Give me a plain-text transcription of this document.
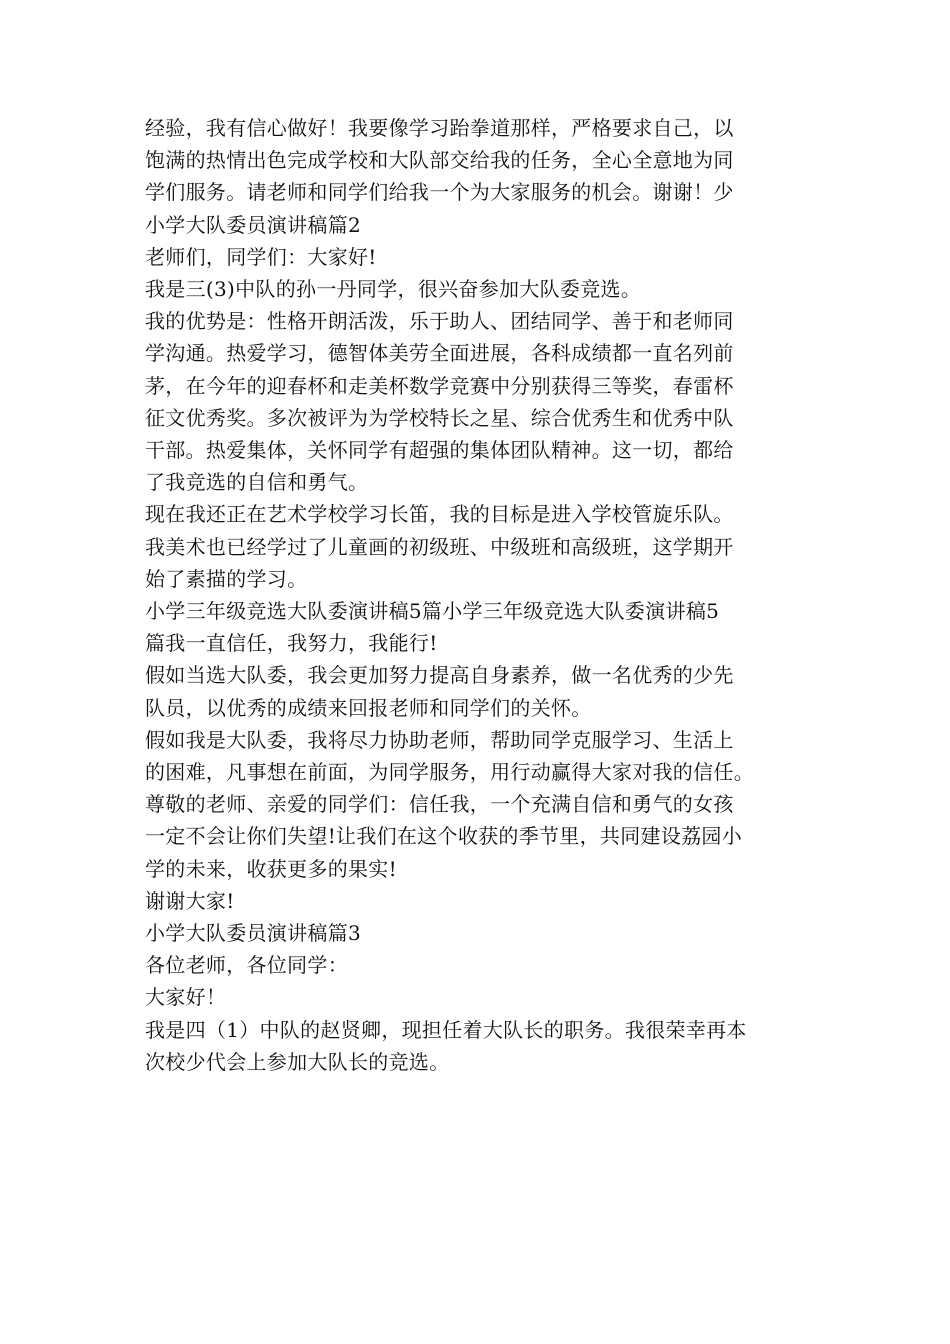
经验，我有信心做好！我要像学习跆拳道那样，严格要求自己，以
饱满的热情出色完成学校和大队部交给我的任务，全心全意地为同
学们服务。请老师和同学们给我一个为大家服务的机会。谢谢！少
小学大队委员演讲稿篇2
老师们，同学们：大家好!
我是三(3)中队的孙一丹同学，很兴奋参加大队委竞选。
我的优势是：性格开朗活泼，乐于助人、团结同学、善于和老师同
学沟通。热爱学习，德智体美劳全面进展，各科成绩都一直名列前
茅，在今年的迎春杯和走美杯数学竞赛中分别获得三等奖，春雷杯
征文优秀奖。多次被评为为学校特长之星、综合优秀生和优秀中队
干部。热爱集体，关怀同学有超强的集体团队精神。这一切，都给
了我竞选的自信和勇气。
现在我还正在艺术学校学习长笛，我的目标是进入学校管旋乐队。
我美术也已经学过了儿童画的初级班、中级班和高级班，这学期开
始了素描的学习。
小学三年级竞选大队委演讲稿5篇小学三年级竞选大队委演讲稿5
篇我一直信任，我努力，我能行!
假如当选大队委，我会更加努力提高自身素养，做一名优秀的少先
队员，以优秀的成绩来回报老师和同学们的关怀。
假如我是大队委，我将尽力协助老师，帮助同学克服学习、生活上
的困难，凡事想在前面，为同学服务，用行动赢得大家对我的信任。
尊敬的老师、亲爱的同学们：信任我，一个充满自信和勇气的女孩
一定不会让你们失望!让我们在这个收获的季节里，共同建设荔园小
学的未来，收获更多的果实!
谢谢大家!
小学大队委员演讲稿篇3
各位老师，各位同学：
大家好！
我是四（1）中队的赵贤卿，现担任着大队长的职务。我很荣幸再本
次校少代会上参加大队长的竞选。
